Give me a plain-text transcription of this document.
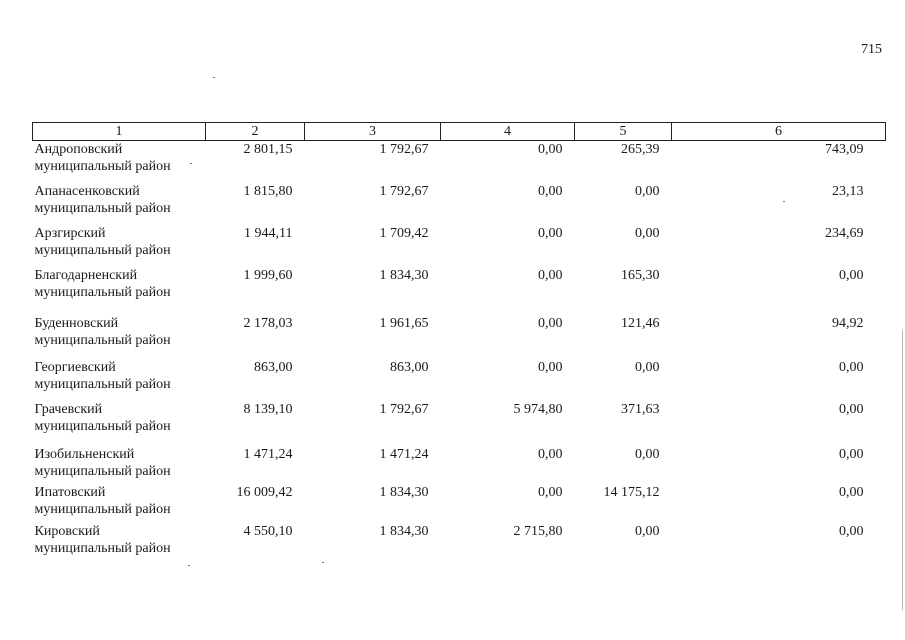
715
1	2	3	4	5	6

Андроповский
муниципальный район	2 801,15	1 792,67	0,00	265,39	743,09

Апанасенковский
муниципальный район	1 815,80	1 792,67	0,00	0,00	23,13

Арзгирский
муниципальный район	1 944,11	1 709,42	0,00	0,00	234,69

Благодарненский
муниципальный район	1 999,60	1 834,30	0,00	165,30	0,00

Буденновский
муниципальный район	2 178,03	1 961,65	0,00	121,46	94,92

Георгиевский
муниципальный район	863,00	863,00	0,00	0,00	0,00

Грачевский
муниципальный район	8 139,10	1 792,67	5 974,80	371,63	0,00

Изобильненский
муниципальный район	1 471,24	1 471,24	0,00	0,00	0,00

Ипатовский
муниципальный район	16 009,42	1 834,30	0,00	14 175,12	0,00

Кировский
муниципальный район	4 550,10	1 834,30	2 715,80	0,00	0,00
